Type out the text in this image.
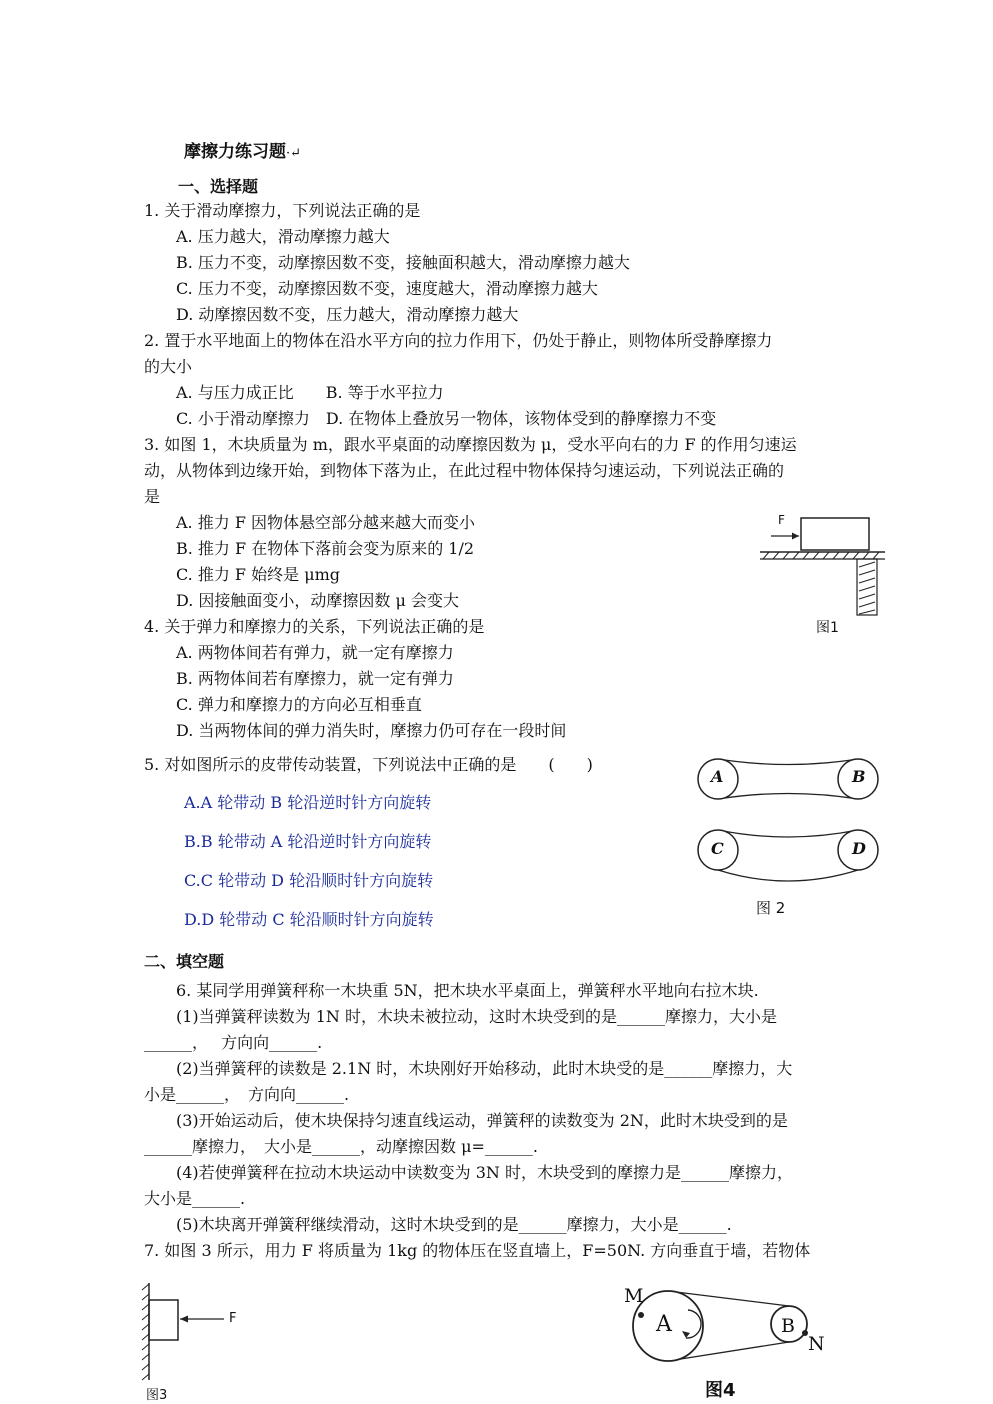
摩擦力练习题·↵
一、选择题
1. 关于滑动摩擦力，下列说法正确的是
A. 压力越大，滑动摩擦力越大
B. 压力不变，动摩擦因数不变，接触面积越大，滑动摩擦力越大
C. 压力不变，动摩擦因数不变，速度越大，滑动摩擦力越大
D. 动摩擦因数不变，压力越大，滑动摩擦力越大
2. 置于水平地面上的物体在沿水平方向的拉力作用下，仍处于静止，则物体所受静摩擦力
的大小
A. 与压力成正比　　B. 等于水平拉力
C. 小于滑动摩擦力　D. 在物体上叠放另一物体，该物体受到的静摩擦力不变
3. 如图 1，木块质量为 m，跟水平桌面的动摩擦因数为 μ，受水平向右的力 F 的作用匀速运
动，从物体到边缘开始，到物体下落为止，在此过程中物体保持匀速运动，下列说法正确的
是
A. 推力 F 因物体悬空部分越来越大而变小
B. 推力 F 在物体下落前会变为原来的 1/2
C. 推力 F 始终是 μmg
D. 因接触面变小，动摩擦因数 μ 会变大
F
图1
4. 关于弹力和摩擦力的关系，下列说法正确的是
A. 两物体间若有弹力，就一定有摩擦力
B. 两物体间若有摩擦力，就一定有弹力
C. 弹力和摩擦力的方向必互相垂直
D. 当两物体间的弹力消失时，摩擦力仍可存在一段时间
5. 对如图所示的皮带传动装置，下列说法中正确的是　　(　　)
A.A 轮带动 B 轮沿逆时针方向旋转
B.B 轮带动 A 轮沿逆时针方向旋转
C.C 轮带动 D 轮沿顺时针方向旋转
D.D 轮带动 C 轮沿顺时针方向旋转
A	B
C	D
图 2
二、填空题
6. 某同学用弹簧秤称一木块重 5N，把木块水平桌面上，弹簧秤水平地向右拉木块.
(1)当弹簧秤读数为 1N 时，木块未被拉动，这时木块受到的是______摩擦力，大小是
______，　 方向向______.
(2)当弹簧秤的读数是 2.1N 时，木块刚好开始移动，此时木块受的是______摩擦力，大
小是______，　方向向______.
(3)开始运动后，使木块保持匀速直线运动，弹簧秤的读数变为 2N，此时木块受到的是
______摩擦力，　大小是______，动摩擦因数 μ=______.
(4)若使弹簧秤在拉动木块运动中读数变为 3N 时，木块受到的摩擦力是______摩擦力，
大小是______.
(5)木块离开弹簧秤继续滑动，这时木块受到的是______摩擦力，大小是______.
7. 如图 3 所示，用力 F 将质量为 1kg 的物体压在竖直墙上，F=50N. 方向垂直于墙，若物体
F
图3
A	B
M
N
图4
